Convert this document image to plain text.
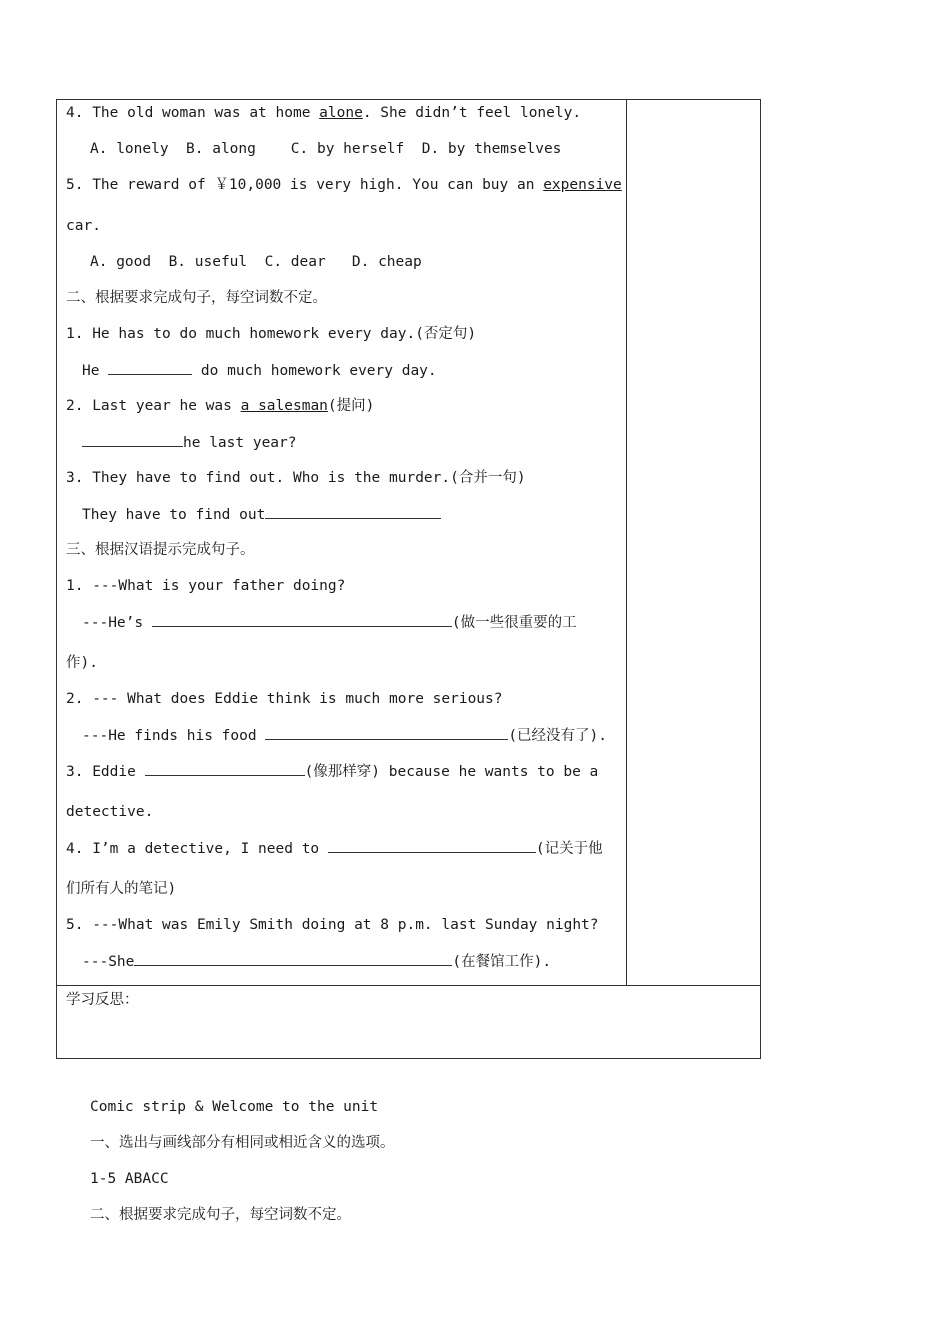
4. The old woman was at home alone. She didn’t feel lonely.
A. lonely  B. along    C. by herself  D. by themselves
5. The reward of ￥10,000 is very high. You can buy an expensive
car.
A. good  B. useful  C. dear   D. cheap
二、根据要求完成句子，每空词数不定。
1. He has to do much homework every day.(否定句)
He	do much homework every day.
2. Last year he was a salesman(提问)
he last year?
3. They have to find out. Who is the murder.(合并一句)
They have to find out
三、根据汉语提示完成句子。
1. ---What is your father doing?
---He’s	(做一些很重要的工
作).
2. --- What does Eddie think is much more serious?
---He finds his food	(已经没有了).
3. Eddie	(像那样穿) because he wants to be a
detective.
4. I’m a detective, I need to	(记关于他
们所有人的笔记)
5. ---What was Emily Smith doing at 8 p.m. last Sunday night?
---She	(在餐馆工作).
学习反思：
Comic strip & Welcome to the unit
一、选出与画线部分有相同或相近含义的选项。
1-5 ABACC
二、根据要求完成句子，每空词数不定。
